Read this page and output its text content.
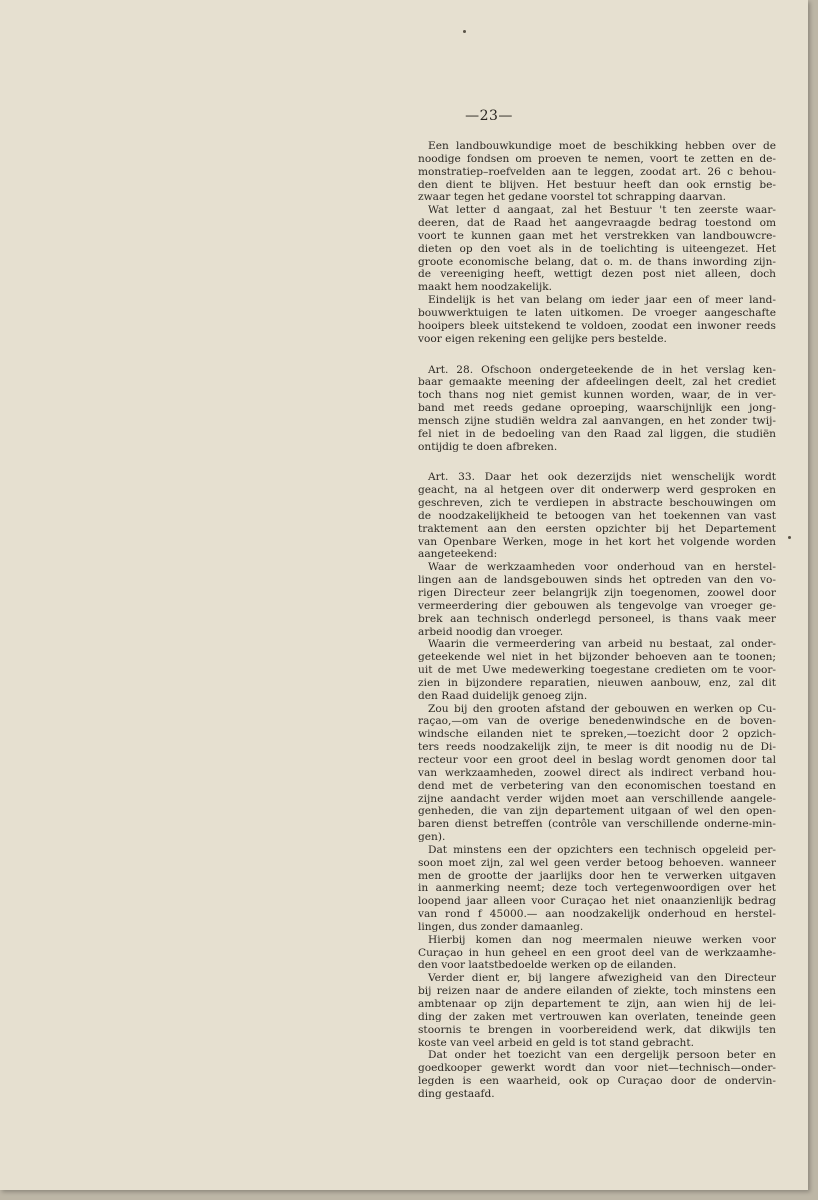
—23—
Een landbouwkundige moet de beschikking hebben over de
noodige fondsen om proeven te nemen, voort te zetten en de-
monstratiep–roefvelden aan te leggen, zoodat art. 26 c behou-
den dient te blijven. Het bestuur heeft dan ook ernstig be-
zwaar tegen het gedane voorstel tot schrapping daarvan.
Wat letter d aangaat, zal het Bestuur 't ten zeerste waar-
deeren, dat de Raad het aangevraagde bedrag toestond om
voort te kunnen gaan met het verstrekken van landbouwcre-
dieten op den voet als in de toelichting is uiteengezet. Het
groote economische belang, dat o. m. de thans inwording zijn-
de vereeniging heeft, wettigt dezen post niet alleen, doch
maakt hem noodzakelijk.
Eindelijk is het van belang om ieder jaar een of meer land-
bouwwerktuigen te laten uitkomen. De vroeger aangeschafte
hooipers bleek uitstekend te voldoen, zoodat een inwoner reeds
voor eigen rekening een gelijke pers bestelde.
Art. 28. Ofschoon ondergeteekende de in het verslag ken-
baar gemaakte meening der afdeelingen deelt, zal het crediet
toch thans nog niet gemist kunnen worden, waar, de in ver-
band met reeds gedane oproeping, waarschijnlijk een jong-
mensch zijne studiën weldra zal aanvangen, en het zonder twij-
fel niet in de bedoeling van den Raad zal liggen, die studiën
ontijdig te doen afbreken.
Art. 33. Daar het ook dezerzijds niet wenschelijk wordt
geacht, na al hetgeen over dit onderwerp werd gesproken en
geschreven, zich te verdiepen in abstracte beschouwingen om
de noodzakelijkheid te betoogen van het toekennen van vast
traktement aan den eersten opzichter bij het Departement
van Openbare Werken, moge in het kort het volgende worden
aangeteekend:
Waar de werkzaamheden voor onderhoud van en herstel-
lingen aan de landsgebouwen sinds het optreden van den vo-
rigen Directeur zeer belangrijk zijn toegenomen, zoowel door
vermeerdering dier gebouwen als tengevolge van vroeger ge-
brek aan technisch onderlegd personeel, is thans vaak meer
arbeid noodig dan vroeger.
Waarin die vermeerdering van arbeid nu bestaat, zal onder-
geteekende wel niet in het bijzonder behoeven aan te toonen;
uit de met Uwe medewerking toegestane credieten om te voor-
zien in bijzondere reparatien, nieuwen aanbouw, enz, zal dit
den Raad duidelijk genoeg zijn.
Zou bij den grooten afstand der gebouwen en werken op Cu-
raçao,—om van de overige benedenwindsche en de boven-
windsche eilanden niet te spreken,—toezicht door 2 opzich-
ters reeds noodzakelijk zijn, te meer is dit noodig nu de Di-
recteur voor een groot deel in beslag wordt genomen door tal
van werkzaamheden, zoowel direct als indirect verband hou-
dend met de verbetering van den economischen toestand en
zijne aandacht verder wijden moet aan verschillende aangele-
genheden, die van zijn departement uitgaan of wel den open-
baren dienst betreffen (contrôle van verschillende onderne-min-
gen).
Dat minstens een der opzichters een technisch opgeleid per-
soon moet zijn, zal wel geen verder betoog behoeven. wanneer
men de grootte der jaarlijks door hen te verwerken uitgaven
in aanmerking neemt; deze toch vertegenwoordigen over het
loopend jaar alleen voor Curaçao het niet onaanzienlijk bedrag
van rond f 45000.— aan noodzakelijk onderhoud en herstel-
lingen, dus zonder damaanleg.
Hierbij komen dan nog meermalen nieuwe werken voor
Curaçao in hun geheel en een groot deel van de werkzaamhe-
den voor laatstbedoelde werken op de eilanden.
Verder dient er, bij langere afwezigheid van den Directeur
bij reizen naar de andere eilanden of ziekte, toch minstens een
ambtenaar op zijn departement te zijn, aan wien hij de lei-
ding der zaken met vertrouwen kan overlaten, teneinde geen
stoornis te brengen in voorbereidend werk, dat dikwijls ten
koste van veel arbeid en geld is tot stand gebracht.
Dat onder het toezicht van een dergelijk persoon beter en
goedkooper gewerkt wordt dan voor niet—technisch—onder-
legden is een waarheid, ook op Curaçao door de ondervin-
ding gestaafd.
